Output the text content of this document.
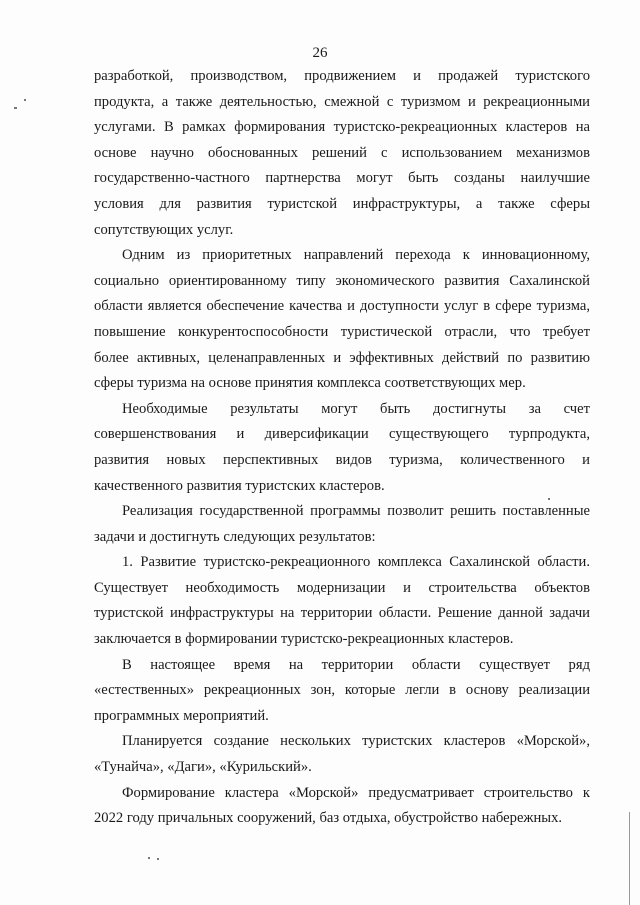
26

разработкой, производством, продвижением и продажей туристского

продукта, а также деятельностью, смежной с туризмом и рекреационными

услугами. В рамках формирования туристско-рекреационных кластеров на

основе научно обоснованных решений с использованием механизмов

государственно-частного партнерства могут быть созданы наилучшие

условия для развития туристской инфраструктуры, а также сферы

сопутствующих услуг.

Одним из приоритетных направлений перехода к инновационному,

социально ориентированному типу экономического развития Сахалинской

области является обеспечение качества и доступности услуг в сфере туризма,

повышение конкурентоспособности туристической отрасли, что требует

более активных, целенаправленных и эффективных действий по развитию

сферы туризма на основе принятия комплекса соответствующих мер.

Необходимые результаты могут быть достигнуты за счет

совершенствования и диверсификации существующего турпродукта,

развития новых перспективных видов туризма, количественного и

качественного развития туристских кластеров.

Реализация государственной программы позволит решить поставленные

задачи и достигнуть следующих результатов:

1. Развитие туристско-рекреационного комплекса Сахалинской области.

Существует необходимость модернизации и строительства объектов

туристской инфраструктуры на территории области. Решение данной задачи

заключается в формировании туристско-рекреационных кластеров.

В настоящее время на территории области существует ряд

«естественных» рекреационных зон, которые легли в основу реализации

программных мероприятий.

Планируется создание нескольких туристских кластеров «Морской»,

«Тунайча», «Даги», «Курильский».

Формирование кластера «Морской» предусматривает строительство к

2022 году причальных сооружений, баз отдыха, обустройство набережных.
